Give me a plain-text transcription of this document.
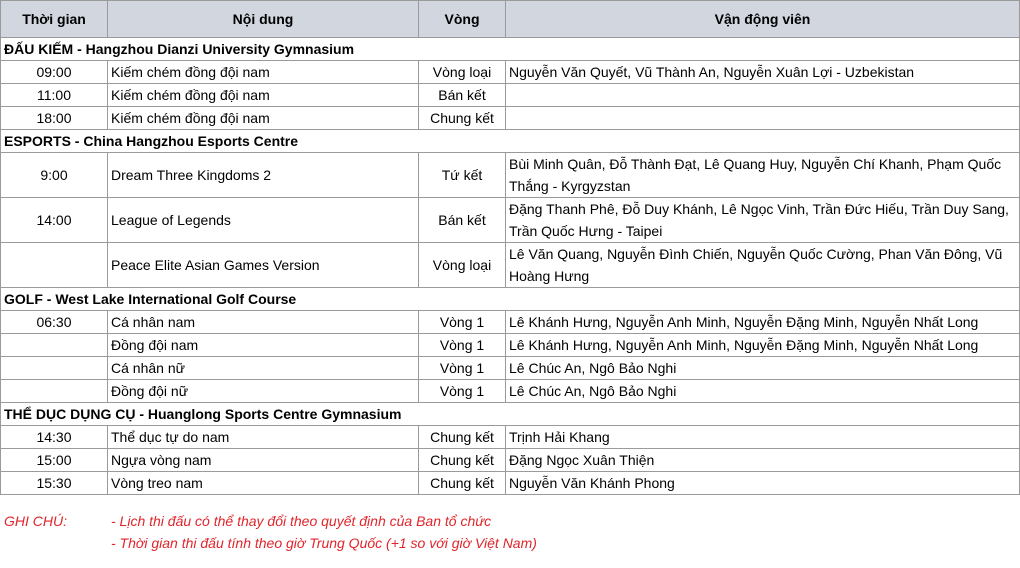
Thời gian	Nội dung	Vòng	Vận động viên
ĐẤU KIẾM - Hangzhou Dianzi University Gymnasium			
09:00	Kiếm chém đồng đội nam	Vòng loại	Nguyễn Văn Quyết, Vũ Thành An, Nguyễn Xuân Lợi - Uzbekistan
11:00	Kiếm chém đồng đội nam	Bán kết	
18:00	Kiếm chém đồng đội nam	Chung kết	
ESPORTS - China Hangzhou Esports Centre			
9:00	Dream Three Kingdoms 2	Tứ kết	Bùi Minh Quân, Đỗ Thành Đạt, Lê Quang Huy, Nguyễn Chí Khanh, Phạm Quốc Thắng - Kyrgyzstan
14:00	League of Legends	Bán kết	Đặng Thanh Phê, Đỗ Duy Khánh, Lê Ngọc Vinh, Trần Đức Hiếu, Trần Duy Sang, Trần Quốc Hưng - Taipei
	Peace Elite Asian Games Version	Vòng loại	Lê Văn Quang, Nguyễn Đình Chiến, Nguyễn Quốc Cường, Phan Văn Đông, Vũ Hoàng Hưng
GOLF - West Lake International Golf Course			
06:30	Cá nhân nam	Vòng 1	Lê Khánh Hưng, Nguyễn Anh Minh, Nguyễn Đặng Minh, Nguyễn Nhất Long
	Đồng đội nam	Vòng 1	Lê Khánh Hưng, Nguyễn Anh Minh, Nguyễn Đặng Minh, Nguyễn Nhất Long
	Cá nhân nữ	Vòng 1	Lê Chúc An, Ngô Bảo Nghi
	Đồng đội nữ	Vòng 1	Lê Chúc An, Ngô Bảo Nghi
THỂ DỤC DỤNG CỤ - Huanglong Sports Centre Gymnasium			
14:30	Thể dục tự do nam	Chung kết	Trịnh Hải Khang
15:00	Ngựa vòng nam	Chung kết	Đặng Ngọc Xuân Thiện
15:30	Vòng treo nam	Chung kết	Nguyễn Văn Khánh Phong
GHI CHÚ:	- Lịch thi đấu có thể thay đổi theo quyết định của Ban tổ chức
- Thời gian thi đấu tính theo giờ Trung Quốc (+1 so với giờ Việt Nam)
